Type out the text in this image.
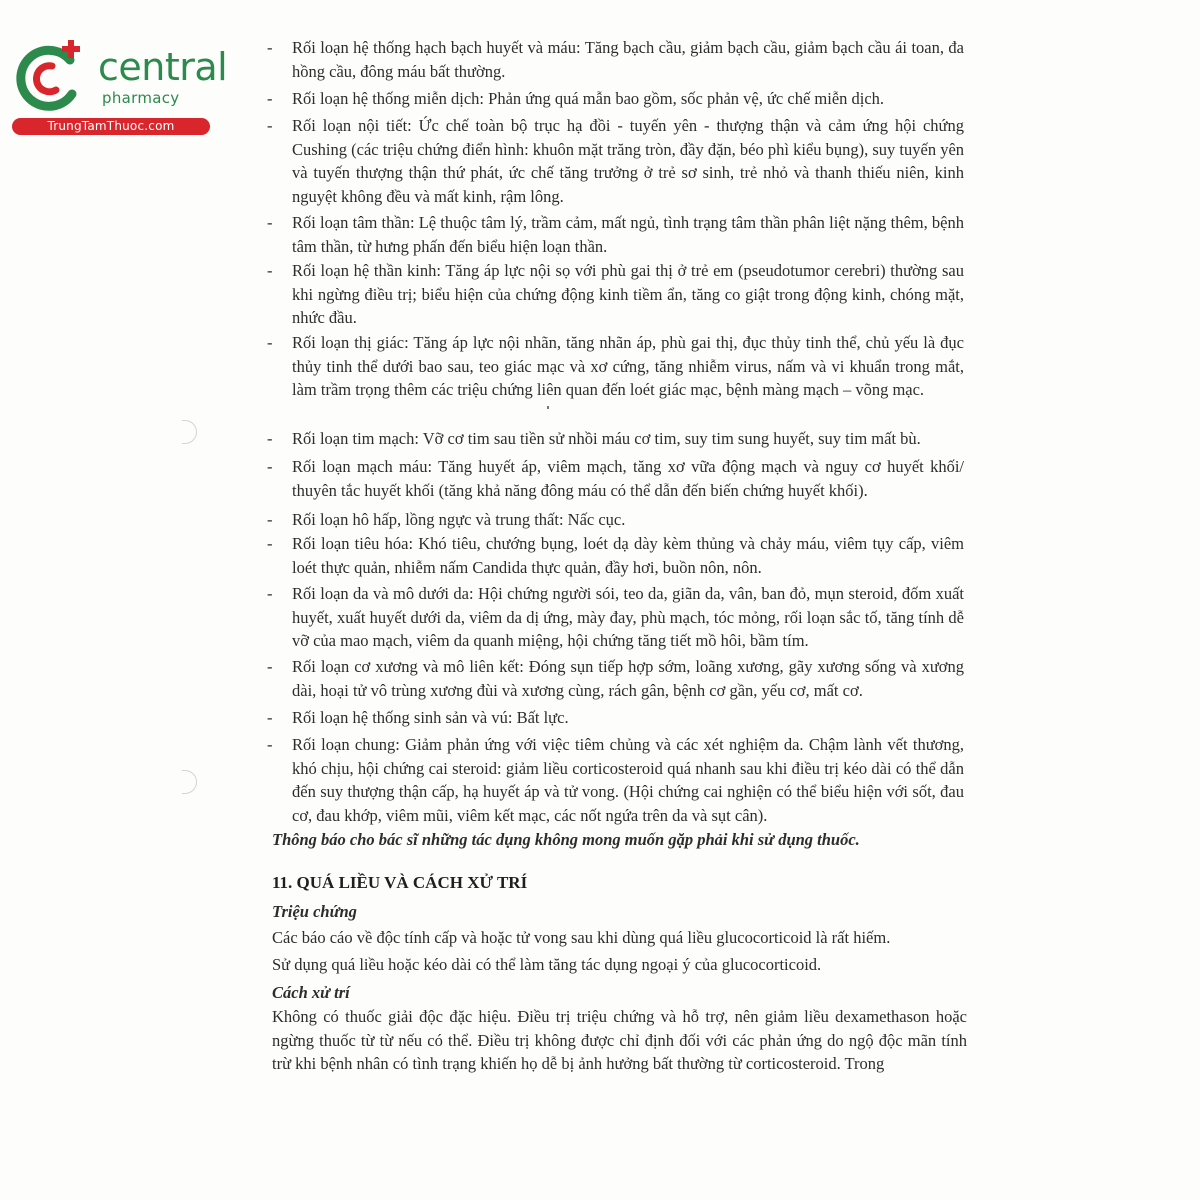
central
pharmacy
TrungTamThuoc.com
- Rối loạn hệ thống hạch bạch huyết và máu: Tăng bạch cầu, giảm bạch cầu, giảm bạch cầu ái toan, đa hồng cầu, đông máu bất thường.
- Rối loạn hệ thống miễn dịch: Phản ứng quá mẫn bao gồm, sốc phản vệ, ức chế miễn dịch.
- Rối loạn nội tiết: Ức chế toàn bộ trục hạ đồi - tuyến yên - thượng thận và cảm ứng hội chứng Cushing (các triệu chứng điển hình: khuôn mặt trăng tròn, đầy đặn, béo phì kiểu bụng), suy tuyến yên và tuyến thượng thận thứ phát, ức chế tăng trưởng ở trẻ sơ sinh, trẻ nhỏ và thanh thiếu niên, kinh nguyệt không đều và mất kinh, rậm lông.
- Rối loạn tâm thần: Lệ thuộc tâm lý, trầm cảm, mất ngủ, tình trạng tâm thần phân liệt nặng thêm, bệnh tâm thần, từ hưng phấn đến biểu hiện loạn thần.
- Rối loạn hệ thần kinh: Tăng áp lực nội sọ với phù gai thị ở trẻ em (pseudotumor cerebri) thường sau khi ngừng điều trị; biểu hiện của chứng động kinh tiềm ẩn, tăng co giật trong động kinh, chóng mặt, nhức đầu.
- Rối loạn thị giác: Tăng áp lực nội nhãn, tăng nhãn áp, phù gai thị, đục thủy tinh thể, chủ yếu là đục thủy tinh thể dưới bao sau, teo giác mạc và xơ cứng, tăng nhiễm virus, nấm và vi khuẩn trong mắt, làm trầm trọng thêm các triệu chứng liên quan đến loét giác mạc, bệnh màng mạch – võng mạc.
- Rối loạn tim mạch: Vỡ cơ tim sau tiền sử nhồi máu cơ tim, suy tim sung huyết, suy tim mất bù.
- Rối loạn mạch máu: Tăng huyết áp, viêm mạch, tăng xơ vữa động mạch và nguy cơ huyết khối/ thuyên tắc huyết khối (tăng khả năng đông máu có thể dẫn đến biến chứng huyết khối).
- Rối loạn hô hấp, lồng ngực và trung thất: Nấc cục.
- Rối loạn tiêu hóa: Khó tiêu, chướng bụng, loét dạ dày kèm thủng và chảy máu, viêm tụy cấp, viêm loét thực quản, nhiễm nấm Candida thực quản, đầy hơi, buồn nôn, nôn.
- Rối loạn da và mô dưới da: Hội chứng người sói, teo da, giãn da, vân, ban đỏ, mụn steroid, đốm xuất huyết, xuất huyết dưới da, viêm da dị ứng, mày đay, phù mạch, tóc mỏng, rối loạn sắc tố, tăng tính dễ vỡ của mao mạch, viêm da quanh miệng, hội chứng tăng tiết mồ hôi, bầm tím.
- Rối loạn cơ xương và mô liên kết: Đóng sụn tiếp hợp sớm, loãng xương, gãy xương sống và xương dài, hoại tử vô trùng xương đùi và xương cùng, rách gân, bệnh cơ gần, yếu cơ, mất cơ.
- Rối loạn hệ thống sinh sản và vú: Bất lực.
- Rối loạn chung: Giảm phản ứng với việc tiêm chủng và các xét nghiệm da. Chậm lành vết thương, khó chịu, hội chứng cai steroid: giảm liều corticosteroid quá nhanh sau khi điều trị kéo dài có thể dẫn đến suy thượng thận cấp, hạ huyết áp và tử vong. (Hội chứng cai nghiện có thể biểu hiện với sốt, đau cơ, đau khớp, viêm mũi, viêm kết mạc, các nốt ngứa trên da và sụt cân).
Thông báo cho bác sĩ những tác dụng không mong muốn gặp phải khi sử dụng thuốc.
11. QUÁ LIỀU VÀ CÁCH XỬ TRÍ
Triệu chứng
Các báo cáo về độc tính cấp và hoặc tử vong sau khi dùng quá liều glucocorticoid là rất hiếm.
Sử dụng quá liều hoặc kéo dài có thể làm tăng tác dụng ngoại ý của glucocorticoid.
Cách xử trí
Không có thuốc giải độc đặc hiệu. Điều trị triệu chứng và hỗ trợ, nên giảm liều dexamethason hoặc ngừng thuốc từ từ nếu có thể. Điều trị không được chỉ định đối với các phản ứng do ngộ độc mãn tính trừ khi bệnh nhân có tình trạng khiến họ dễ bị ảnh hưởng bất thường từ corticosteroid. Trong
